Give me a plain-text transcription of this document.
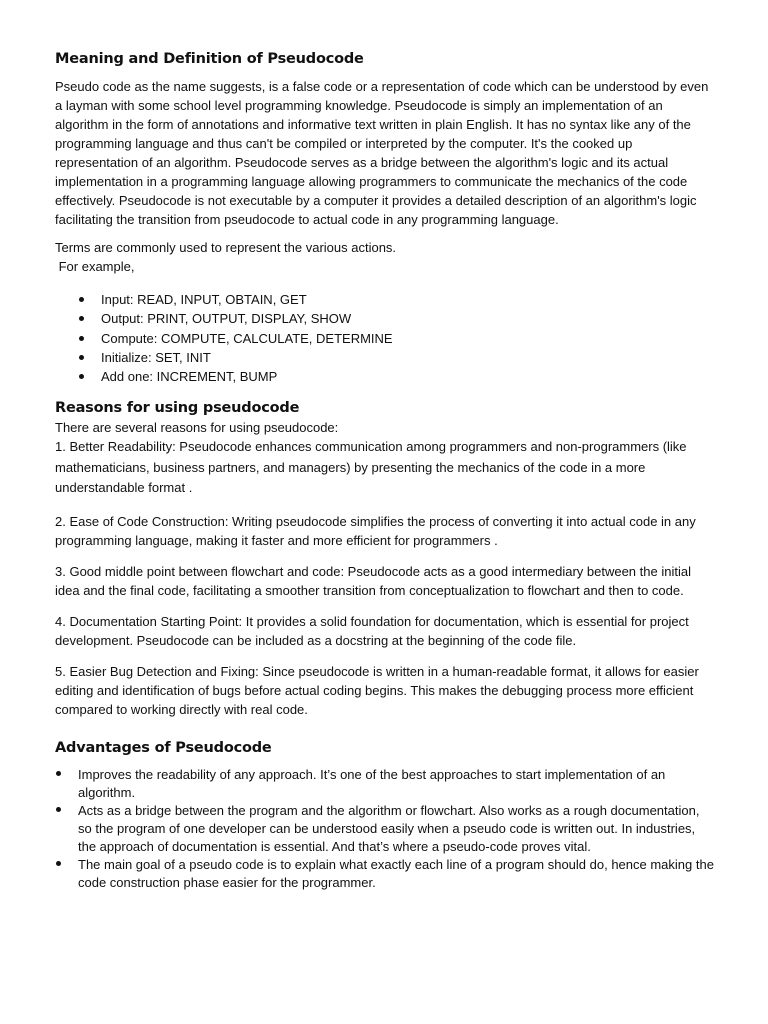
Meaning and Definition of Pseudocode

Pseudo code as the name suggests, is a false code or a representation of code which can be understood by even a layman with some school level programming knowledge. Pseudocode is simply an implementation of an algorithm in the form of annotations and informative text written in plain English. It has no syntax like any of the programming language and thus can't be compiled or interpreted by the computer. It's the cooked up representation of an algorithm. Pseudocode serves as a bridge between the algorithm's logic and its actual implementation in a programming language allowing programmers to communicate the mechanics of the code effectively. Pseudocode is not executable by a computer it provides a detailed description of an algorithm's logic facilitating the transition from pseudocode to actual code in any programming language.

Terms are commonly used to represent the various actions.

For example,

Input: READ, INPUT, OBTAIN, GET
Output: PRINT, OUTPUT, DISPLAY, SHOW
Compute: COMPUTE, CALCULATE, DETERMINE
Initialize: SET, INIT
Add one: INCREMENT, BUMP
Reasons for using pseudocode

There are several reasons for using pseudocode:

1. Better Readability: Pseudocode enhances communication among programmers and non-programmers (like mathematicians, business partners, and managers) by presenting the mechanics of the code in a more understandable format .

2. Ease of Code Construction: Writing pseudocode simplifies the process of converting it into actual code in any programming language, making it faster and more efficient for programmers .

3. Good middle point between flowchart and code: Pseudocode acts as a good intermediary between the initial idea and the final code, facilitating a smoother transition from conceptualization to flowchart and then to code.

4. Documentation Starting Point: It provides a solid foundation for documentation, which is essential for project development. Pseudocode can be included as a docstring at the beginning of the code file.

5. Easier Bug Detection and Fixing: Since pseudocode is written in a human-readable format, it allows for easier editing and identification of bugs before actual coding begins. This makes the debugging process more efficient compared to working directly with real code.

Advantages of Pseudocode
Improves the readability of any approach. It’s one of the best approaches to start implementation of an algorithm.
Acts as a bridge between the program and the algorithm or flowchart. Also works as a rough documentation, so the program of one developer can be understood easily when a pseudo code is written out. In industries, the approach of documentation is essential. And that’s where a pseudo-code proves vital.
The main goal of a pseudo code is to explain what exactly each line of a program should do, hence making the code construction phase easier for the programmer.
